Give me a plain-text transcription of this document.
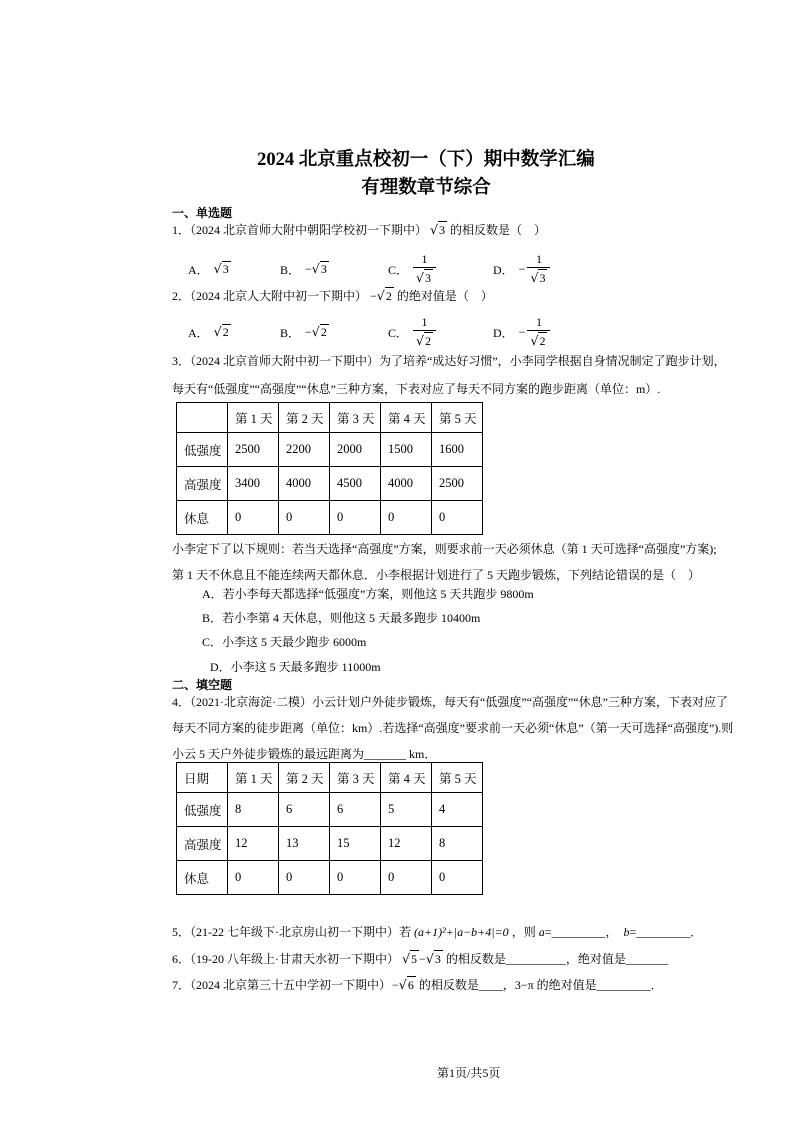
2024 北京重点校初一（下）期中数学汇编
有理数章节综合
一、单选题
1．（2024 北京首师大附中朝阳学校初一下期中） √ 3 的相反数是（　）
A． √ 3	B． − √ 3	C． $\frac{1}{√ 3}$	D． − $\frac{1}{√ 3}$
2．（2024 北京人大附中初一下期中） − √ 2 的绝对值是（　）
A． √ 2	B． − √ 2	C． $\frac{1}{√ 2}$	D． − $\frac{1}{√ 2}$
3．（2024 北京首师大附中初一下期中）为了培养“成达好习惯”，小李同学根据自身情况制定了跑步计划，
每天有“低强度”“高强度”“休息”三种方案，下表对应了每天不同方案的跑步距离（单位：m）.
	第 1 天	第 2 天	第 3 天	第 4 天	第 5 天
低强度	2500	2200	2000	1500	1600
高强度	3400	4000	4500	4000	2500
休息	0	0	0	0	0
小李定下了以下规则：若当天选择“高强度”方案，则要求前一天必须休息（第 1 天可选择“高强度”方案);
第 1 天不休息且不能连续两天都休息．小李根据计划进行了 5 天跑步锻炼，下列结论错误的是（　）
A．若小李每天都选择“低强度”方案，则他这 5 天共跑步 9800m
B．若小李第 4 天休息，则他这 5 天最多跑步 10400m
C．小李这 5 天最少跑步 6000m
D．小李这 5 天最多跑步 11000m
二、填空题
4．（2021·北京海淀·二模）小云计划户外徒步锻炼，每天有“低强度”“高强度”“休息”三种方案，下表对应了
每天不同方案的徒步距离（单位：km）.若选择“高强度”要求前一天必须“休息”（第一天可选择“高强度”).则
小云 5 天户外徒步锻炼的最远距离为_______ km．
日期	第 1 天	第 2 天	第 3 天	第 4 天	第 5 天
低强度	8	6	6	5	4
高强度	12	13	15	12	8
休息	0	0	0	0	0
5．（21-22 七年级下·北京房山初一下期中）若 (a+1)²+|a−b+4|=0 ，则 a=_________，　b=_________．
6．（19-20 八年级上·甘肃天水初一下期中） √ 5 − √ 3 的相反数是__________，绝对值是_______
7．（2024 北京第三十五中学初一下期中）− √ 6 的相反数是____，3−π 的绝对值是_________．
第1页/共5页
